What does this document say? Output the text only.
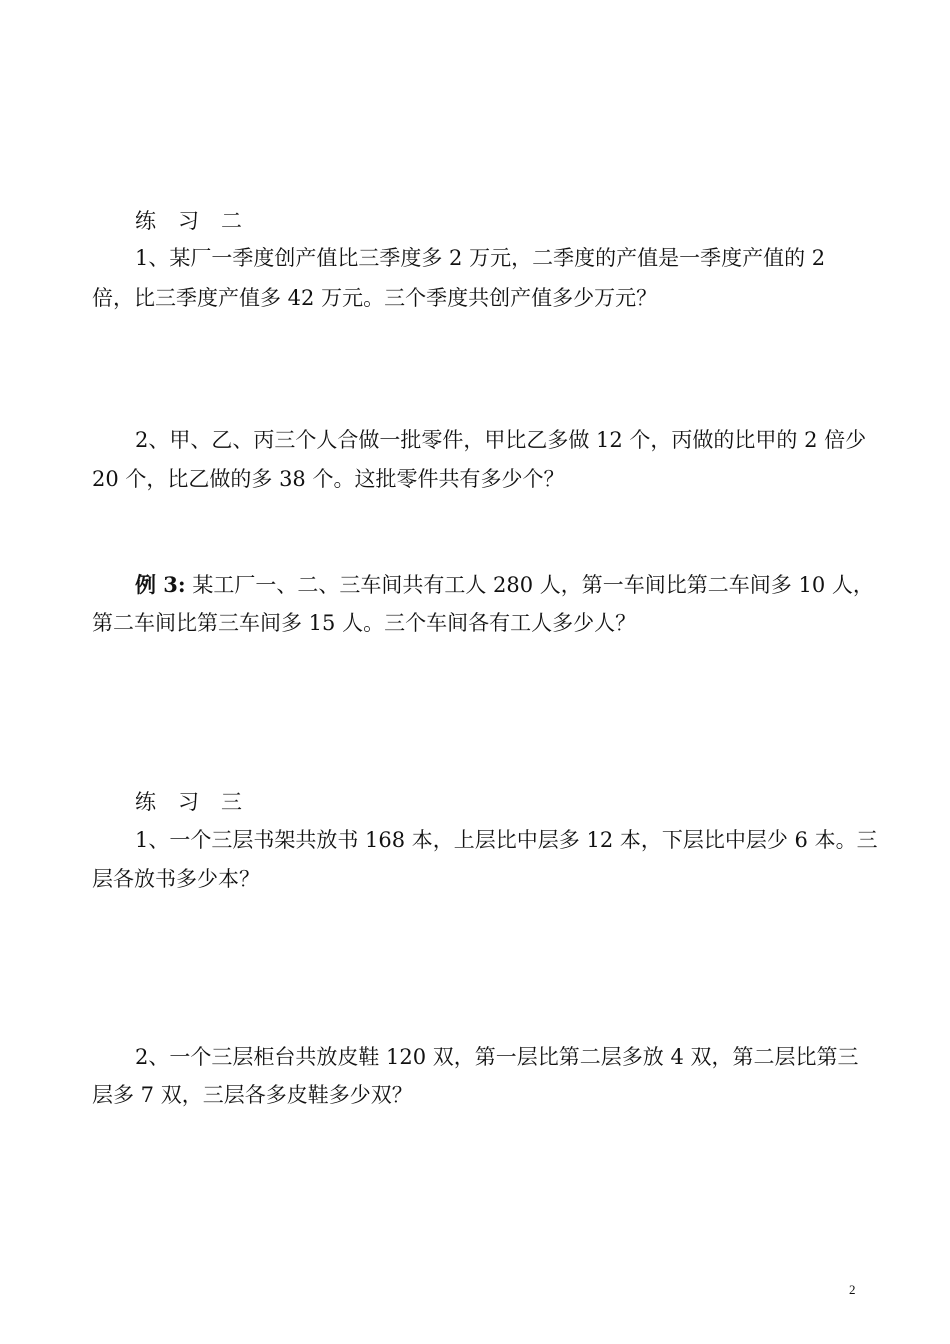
练 习 二
1、某厂一季度创产值比三季度多 2 万元，二季度的产值是一季度产值的 2
倍，比三季度产值多 42 万元。三个季度共创产值多少万元？
2、甲、乙、丙三个人合做一批零件，甲比乙多做 12 个，丙做的比甲的 2 倍少
20 个，比乙做的多 38 个。这批零件共有多少个？
例 3: 某工厂一、二、三车间共有工人 280 人，第一车间比第二车间多 10 人，
第二车间比第三车间多 15 人。三个车间各有工人多少人？
练 习 三
1、一个三层书架共放书 168 本，上层比中层多 12 本，下层比中层少 6 本。三
层各放书多少本？
2、一个三层柜台共放皮鞋 120 双，第一层比第二层多放 4 双，第二层比第三
层多 7 双，三层各多皮鞋多少双？
2
